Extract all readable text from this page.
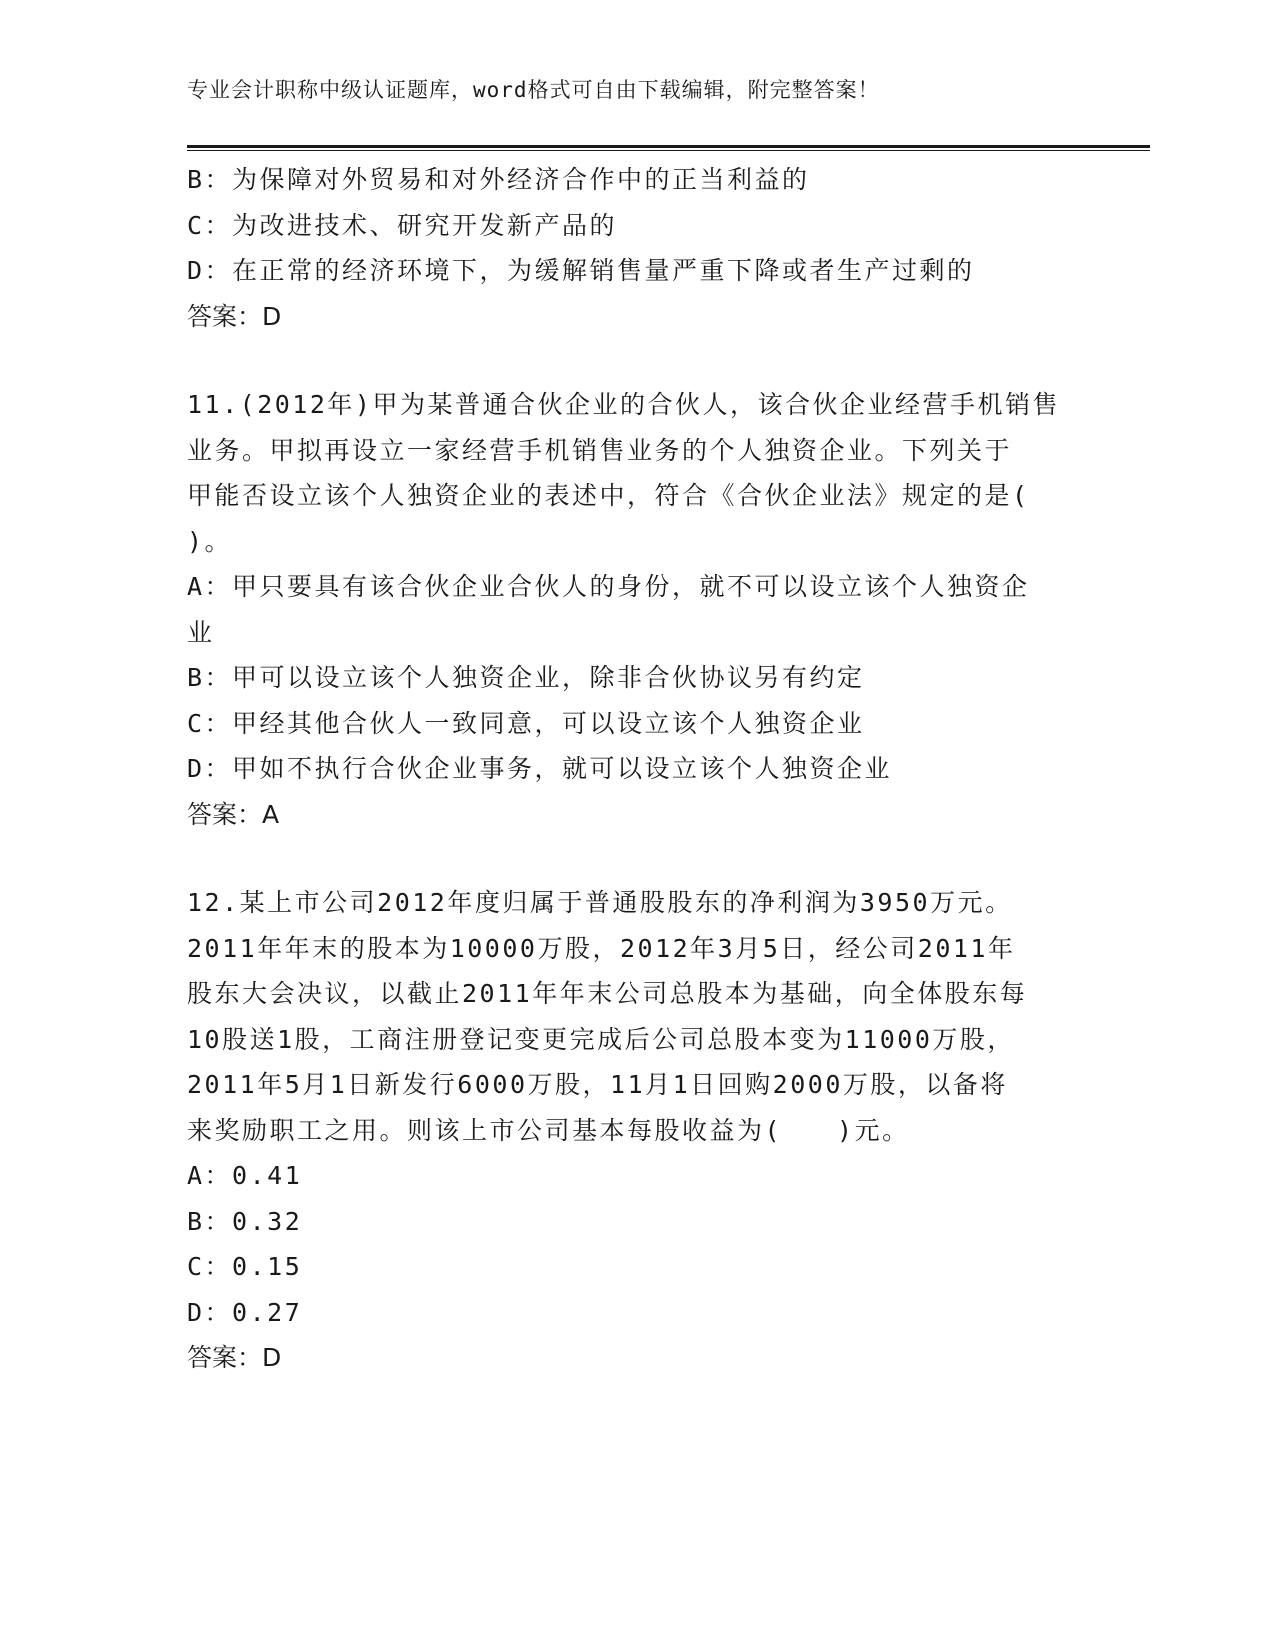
专业会计职称中级认证题库，word格式可自由下载编辑，附完整答案！
B：为保障对外贸易和对外经济合作中的正当利益的
C：为改进技术、研究开发新产品的
D：在正常的经济环境下，为缓解销售量严重下降或者生产过剩的
答案：D
11.(2012年)甲为某普通合伙企业的合伙人，该合伙企业经营手机销售
业务。甲拟再设立一家经营手机销售业务的个人独资企业。下列关于
甲能否设立该个人独资企业的表述中，符合《合伙企业法》规定的是(
)。
A：甲只要具有该合伙企业合伙人的身份，就不可以设立该个人独资企
业
B：甲可以设立该个人独资企业，除非合伙协议另有约定
C：甲经其他合伙人一致同意，可以设立该个人独资企业
D：甲如不执行合伙企业事务，就可以设立该个人独资企业
答案：A
12.某上市公司2012年度归属于普通股股东的净利润为3950万元。
2011年年末的股本为10000万股，2012年3月5日，经公司2011年
股东大会决议，以截止2011年年末公司总股本为基础，向全体股东每
10股送1股，工商注册登记变更完成后公司总股本变为11000万股，
2011年5月1日新发行6000万股，11月1日回购2000万股，以备将
来奖励职工之用。则该上市公司基本每股收益为(　　)元。
A：0.41
B：0.32
C：0.15
D：0.27
答案：D
